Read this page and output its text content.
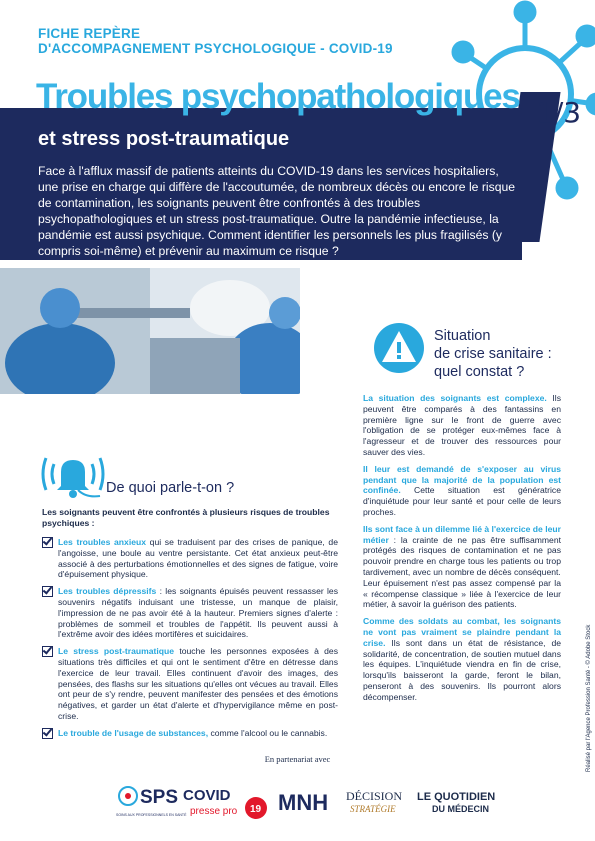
FICHE REPÈRE
D'ACCOMPAGNEMENT PSYCHOLOGIQUE - COVID-19
Troubles psychopathologiques 1/3
et stress post-traumatique
Face à l'afflux massif de patients atteints du COVID-19 dans les services hospitaliers, une prise en charge qui diffère de l'accoutumée, de nombreux décès ou encore le risque de contamination, les soignants peuvent être confrontés à des troubles psychopathologiques et un stress post-traumatique. Outre la pandémie infectieuse, la pandémie est aussi psychique. Comment identifier les personnels les plus fragilisés (y compris soi-même) et prévenir au maximum ce risque ?
Situation
de crise sanitaire :
quel constat ?

La situation des soignants est complexe. Ils peuvent être comparés à des fantassins en première ligne sur le front de guerre avec l'obligation de se protéger eux-mêmes face à l'agresseur et de trouver des ressources pour sauver des vies.

Il leur est demandé de s'exposer au virus pendant que la majorité de la population est confinée. Cette situation est génératrice d'inquiétude pour leur santé et pour celle de leurs proches.

Ils sont face à un dilemme lié à l'exercice de leur métier : la crainte de ne pas être suffisamment protégés des risques de contamination et ne pas pouvoir prendre en charge tous les patients ou trop tardivement, avec un nombre de décès conséquent.

Leur épuisement n'est pas assez compensé par la « récompense classique » liée à l'exercice de leur métier, à savoir la guérison des patients.

Comme des soldats au combat, les soignants ne vont pas vraiment se plaindre pendant la crise. Ils sont dans un état de résistance, de solidarité, de concentration, de soutien mutuel dans les équipes. L'inquiétude viendra en fin de crise, lorsqu'ils baisseront la garde, feront le bilan, penseront à des souvenirs. Ils pourront alors décompenser.

De quoi parle-t-on ?
Les soignants peuvent être confrontés à plusieurs risques de troubles psychiques :
Les troubles anxieux qui se traduisent par des crises de panique, de l'angoisse, une boule au ventre persistante. Cet état anxieux peut-être associé à des perturbations émotionnelles et des signes de fatigue, voire d'épuisement physique.
Les troubles dépressifs : les soignants épuisés peuvent ressasser les souvenirs négatifs induisant une tristesse, un manque de plaisir, l'impression de ne pas avoir été à la hauteur. Premiers signes d'alerte : problèmes de sommeil et troubles de l'appétit. Ils peuvent aussi à l'extrême avoir des idées mortifères et suicidaires.
Le stress post-traumatique touche les personnes exposées à des situations très difficiles et qui ont le sentiment d'être en détresse dans l'exercice de leur travail. Elles continuent d'avoir des images, des pensées, des flashs sur les situations qu'elles ont vécues au travail. Elles ont peur de s'y rendre, peuvent manifester des pensées et des émotions négatives, et garder un état d'alerte et d'hypervigilance même en post-crise.
Le trouble de l'usage de substances, comme l'alcool ou le cannabis.	Réalisé par l'Agence Profession Santé - © Adobe Stock
En partenariat avec
SPS
SOINS AUX PROFESSIONNELS EN SANTÉ
COVID
presse pro 19 MNH DÉCISION
STRATÉGIE
LE QUOTIDIEN
DU MÉDECIN
